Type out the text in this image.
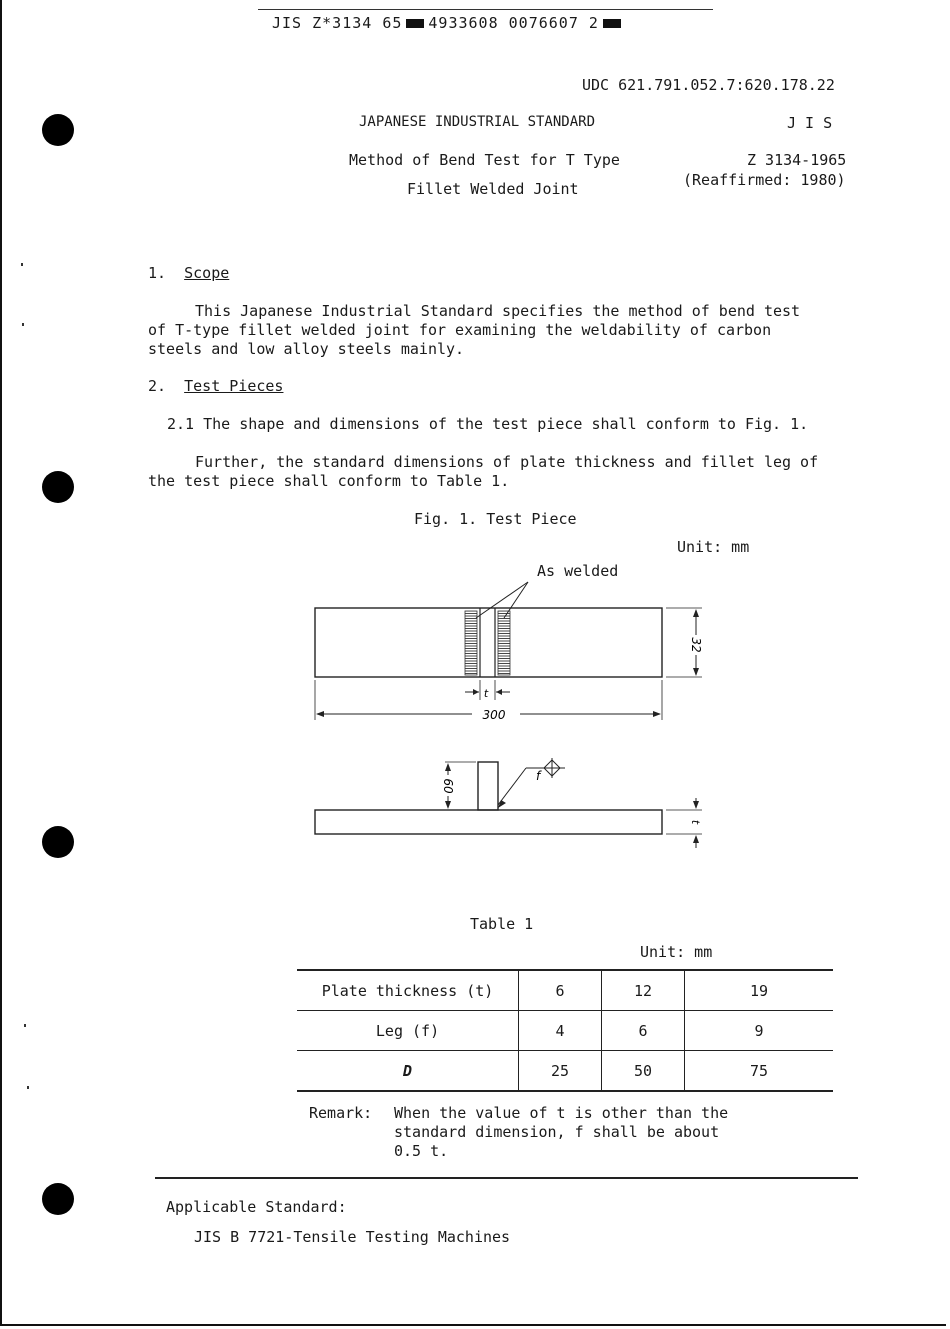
JIS Z*3134 65 4933608 0076607 2
UDC 621.791.052.7:620.178.22
JAPANESE INDUSTRIAL STANDARD	J I S
Method of Bend Test for T Type
Fillet Welded Joint
Z 3134-1965
(Reaffirmed: 1980)
1. Scope
This Japanese Industrial Standard specifies the method of bend test
of T-type fillet welded joint for examining the weldability of carbon
steels and low alloy steels mainly.
2. Test Pieces
2.1 The shape and dimensions of the test piece shall conform to Fig. 1.
Further, the standard dimensions of plate thickness and fillet leg of
the test piece shall conform to Table 1.
Fig. 1. Test Piece
Unit: mm
As welded
t
300
32
f
60
t
Table 1
Unit: mm
Plate thickness (t)	6	12	19
Leg (f)	4	6	9
D	25	50	75
Remark: When the value of t is other than the
standard dimension, f shall be about
0.5 t.
Applicable Standard:
JIS B 7721-Tensile Testing Machines
